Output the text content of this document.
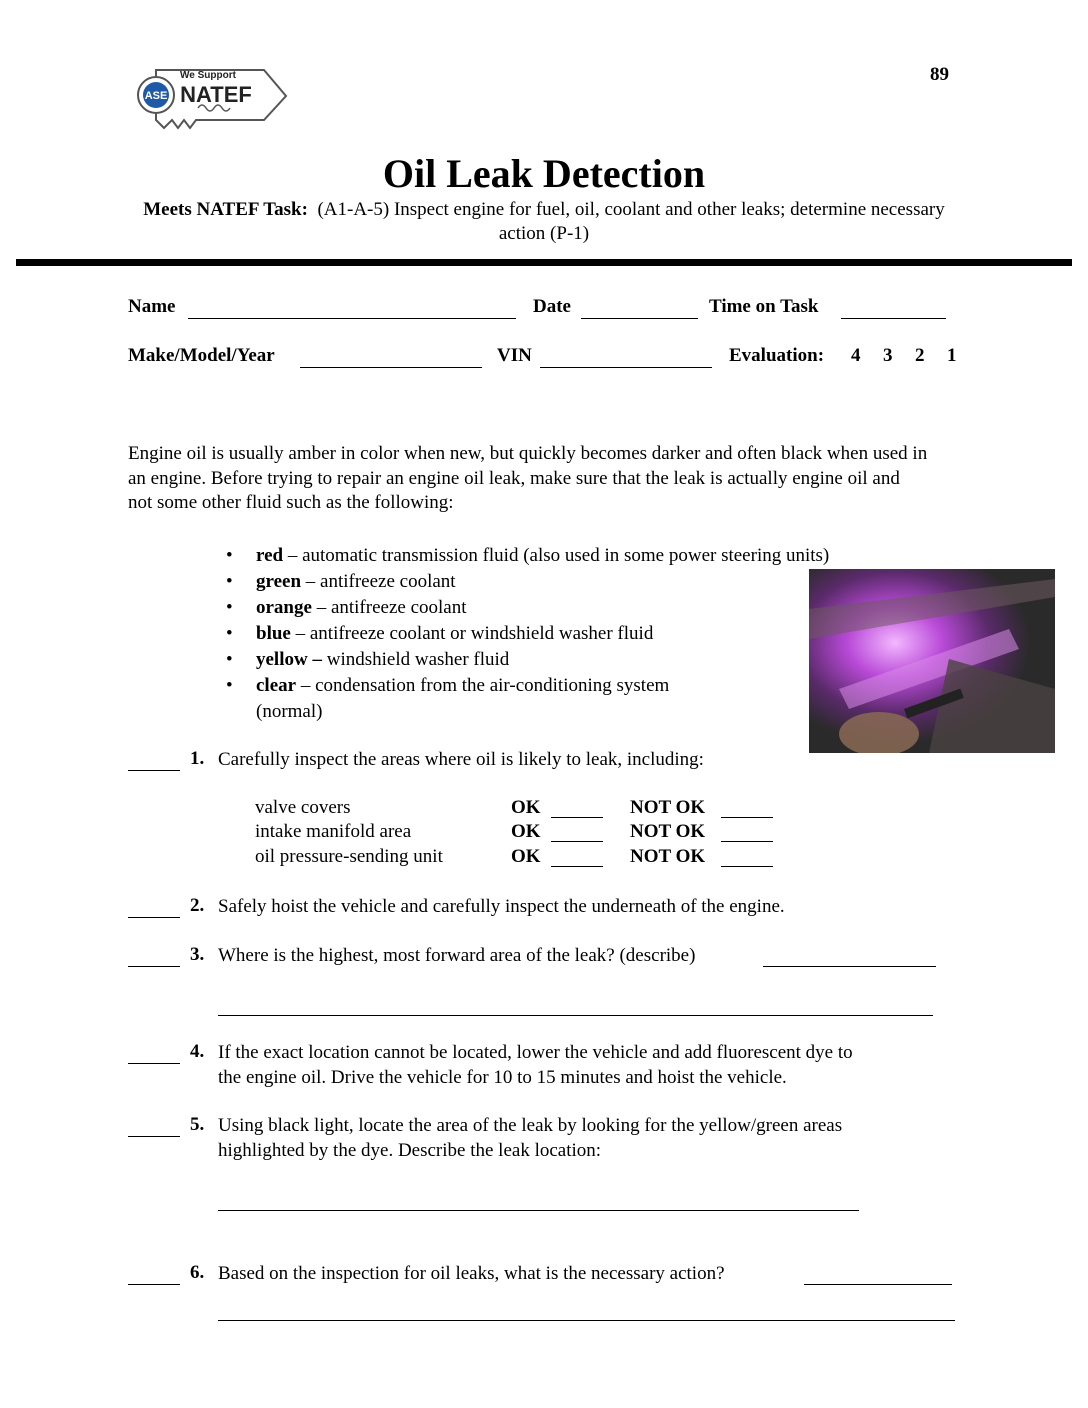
ASE
We Support
NATEF
89
Oil Leak Detection
Meets NATEF Task: (A1-A-5) Inspect engine for fuel, oil, coolant and other leaks; determine necessary action (P-1)
Name	Date	Time on Task
Make/Model/Year	VIN	Evaluation: 4 3 2 1
Engine oil is usually amber in color when new, but quickly becomes darker and often black when used in an engine. Before trying to repair an engine oil leak, make sure that the leak is actually engine oil and not some other fluid such as the following:
• red – automatic transmission fluid (also used in some power steering units)
• green – antifreeze coolant
• orange – antifreeze coolant
• blue – antifreeze coolant or windshield washer fluid
• yellow – windshield washer fluid
• clear – condensation from the air-conditioning system
(normal)
1. Carefully inspect the areas where oil is likely to leak, including:
valve covers	OK	NOT OK
intake manifold area	OK	NOT OK
oil pressure-sending unit	OK	NOT OK
2. Safely hoist the vehicle and carefully inspect the underneath of the engine.
3. Where is the highest, most forward area of the leak? (describe)
4. If the exact location cannot be located, lower the vehicle and add fluorescent dye to
the engine oil. Drive the vehicle for 10 to 15 minutes and hoist the vehicle.
5. Using black light, locate the area of the leak by looking for the yellow/green areas
highlighted by the dye. Describe the leak location:
6. Based on the inspection for oil leaks, what is the necessary action?
